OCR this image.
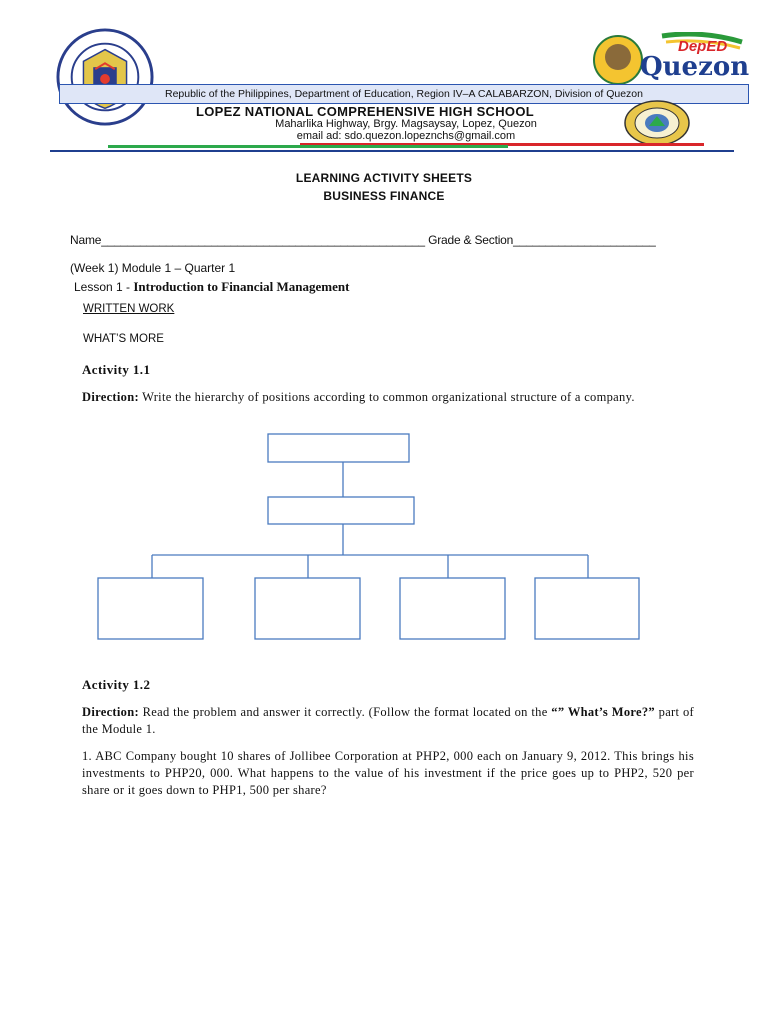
DepED
Quezon
Republic of the Philippines, Department of Education, Region IV–A CALABARZON, Division of Quezon
LOPEZ NATIONAL COMPREHENSIVE HIGH SCHOOL
Maharlika Highway, Brgy. Magsaysay, Lopez, Quezon
email ad: sdo.quezon.lopeznchs@gmail.com
LEARNING ACTIVITY SHEETS
BUSINESS FINANCE
Name__________________________________________________ Grade & Section______________________
(Week 1) Module 1 – Quarter 1
Lesson 1 - Introduction to Financial Management
WRITTEN WORK
WHAT’S MORE
Activity 1.1
Direction: Write the hierarchy of positions according to common organizational structure of a company.
Activity 1.2
Direction: Read the problem and answer it correctly. (Follow the format located on the “” What’s More?” part of the Module 1.
1. ABC Company bought 10 shares of Jollibee Corporation at PHP2, 000 each on January 9, 2012. This brings his investments to PHP20, 000. What happens to the value of his investment if the price goes up to PHP2, 520 per share or it goes down to PHP1, 500 per share?
